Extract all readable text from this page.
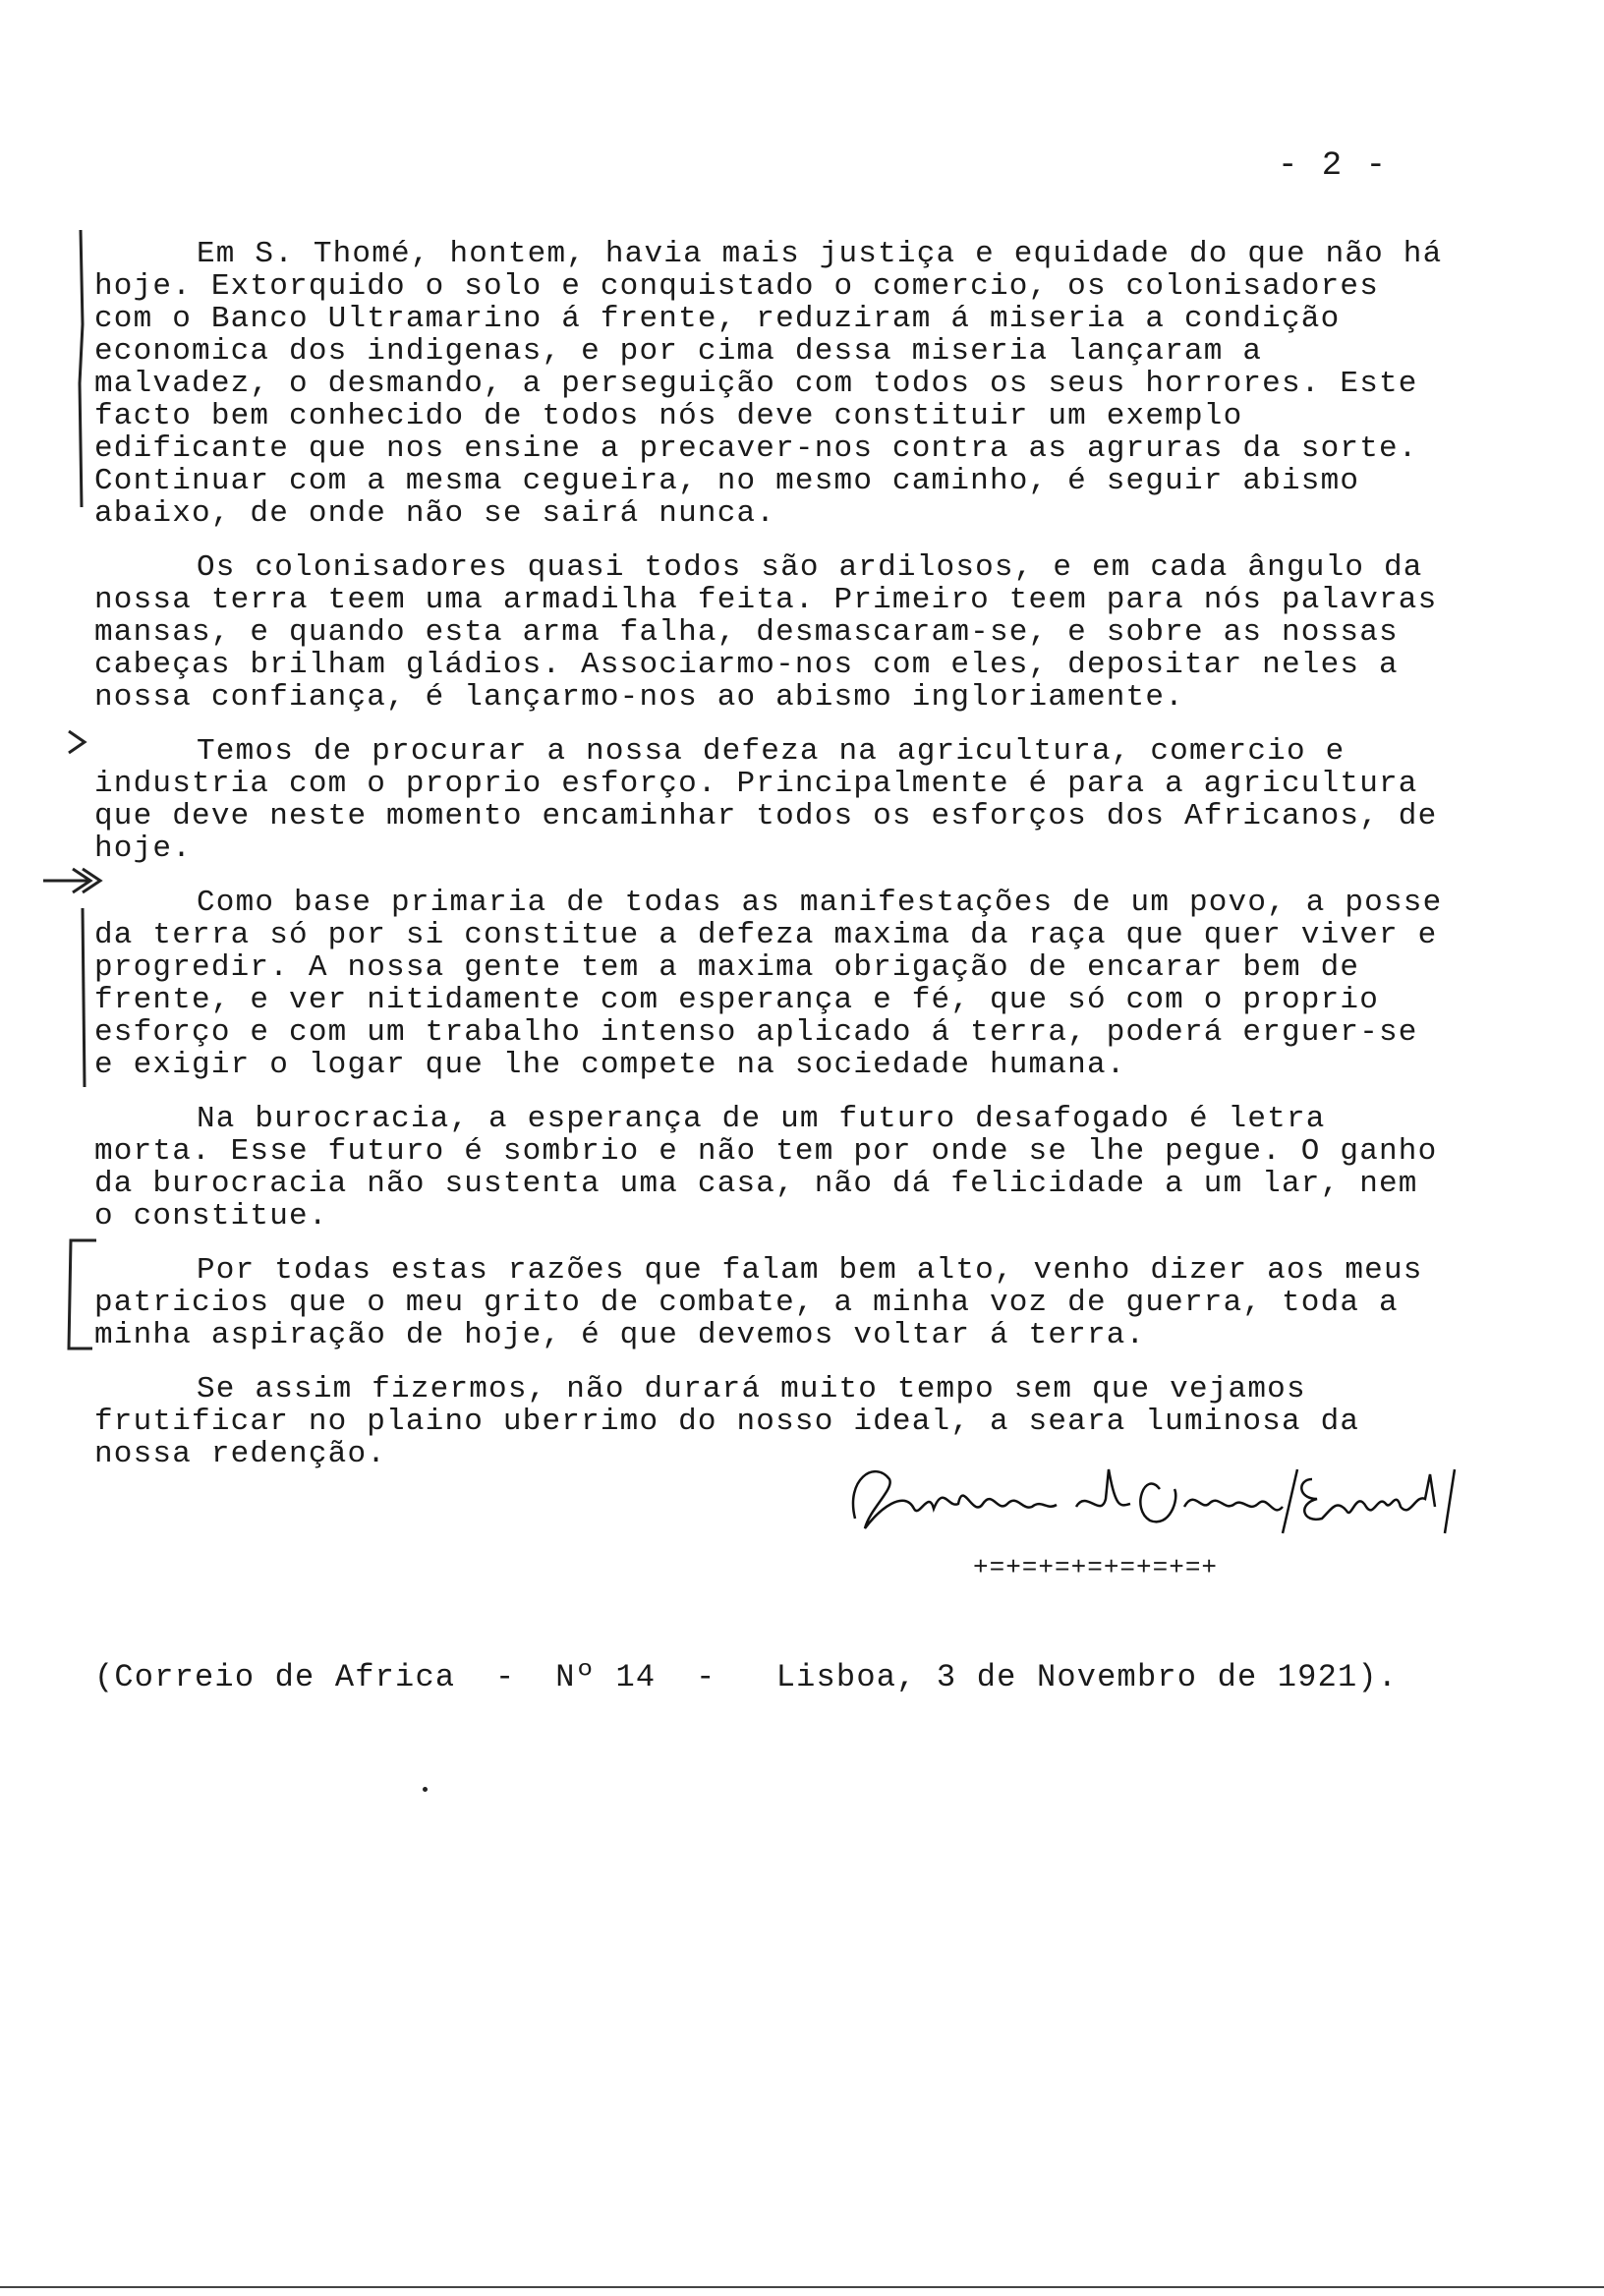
- 2 -

Em S. Thomé, hontem, havia mais justiça e equidade do que não há hoje. Extorquido o solo e conquistado o comercio, os colonisadores com o Banco Ultramarino á frente, reduziram á miseria a condição economica dos indigenas, e por cima dessa miseria lançaram a malvadez, o desmando, a perseguição com todos os seus horrores. Este facto bem conhecido de todos nós deve constituir um exemplo edificante que nos ensine a precaver-nos contra as agruras da sorte. Continuar com a mesma cegueira, no mesmo caminho, é seguir abismo abaixo, de onde não se sairá nunca.

Os colonisadores quasi todos são ardilosos, e em cada ângulo da nossa terra teem uma armadilha feita. Primeiro teem para nós palavras mansas, e quando esta arma falha, desmascaram-se, e sobre as nossas cabeças brilham gládios. Associarmo-nos com eles, depositar neles a nossa confiança, é lançarmo-nos ao abismo ingloriamente.

Temos de procurar a nossa defeza na agricultura, comercio e industria com o proprio esforço. Principalmente é para a agricultura que deve neste momento encaminhar todos os esforços dos Africanos, de hoje.

Como base primaria de todas as manifestações de um povo, a posse da terra só por si constitue a defeza maxima da raça que quer viver e progredir. A nossa gente tem a maxima obrigação de encarar bem de frente, e ver nitidamente com esperança e fé, que só com o proprio esforço e com um trabalho intenso aplicado á terra, poderá erguer-se e exigir o logar que lhe compete na sociedade humana.

Na burocracia, a esperança de um futuro desafogado é letra morta. Esse futuro é sombrio e não tem por onde se lhe pegue. O ganho da burocracia não sustenta uma casa, não dá felicidade a um lar, nem o constitue.

Por todas estas razões que falam bem alto, venho dizer aos meus patricios que o meu grito de combate, a minha voz de guerra, toda a minha aspiração de hoje, é que devemos voltar á terra.

Se assim fizermos, não durará muito tempo sem que vejamos frutificar no plaino uberrimo do nosso ideal, a seara luminosa da nossa redenção.

+=+=+=+=+=+=+=+
(Correio de Africa  -  Nº 14  -   Lisboa, 3 de Novembro de 1921).
